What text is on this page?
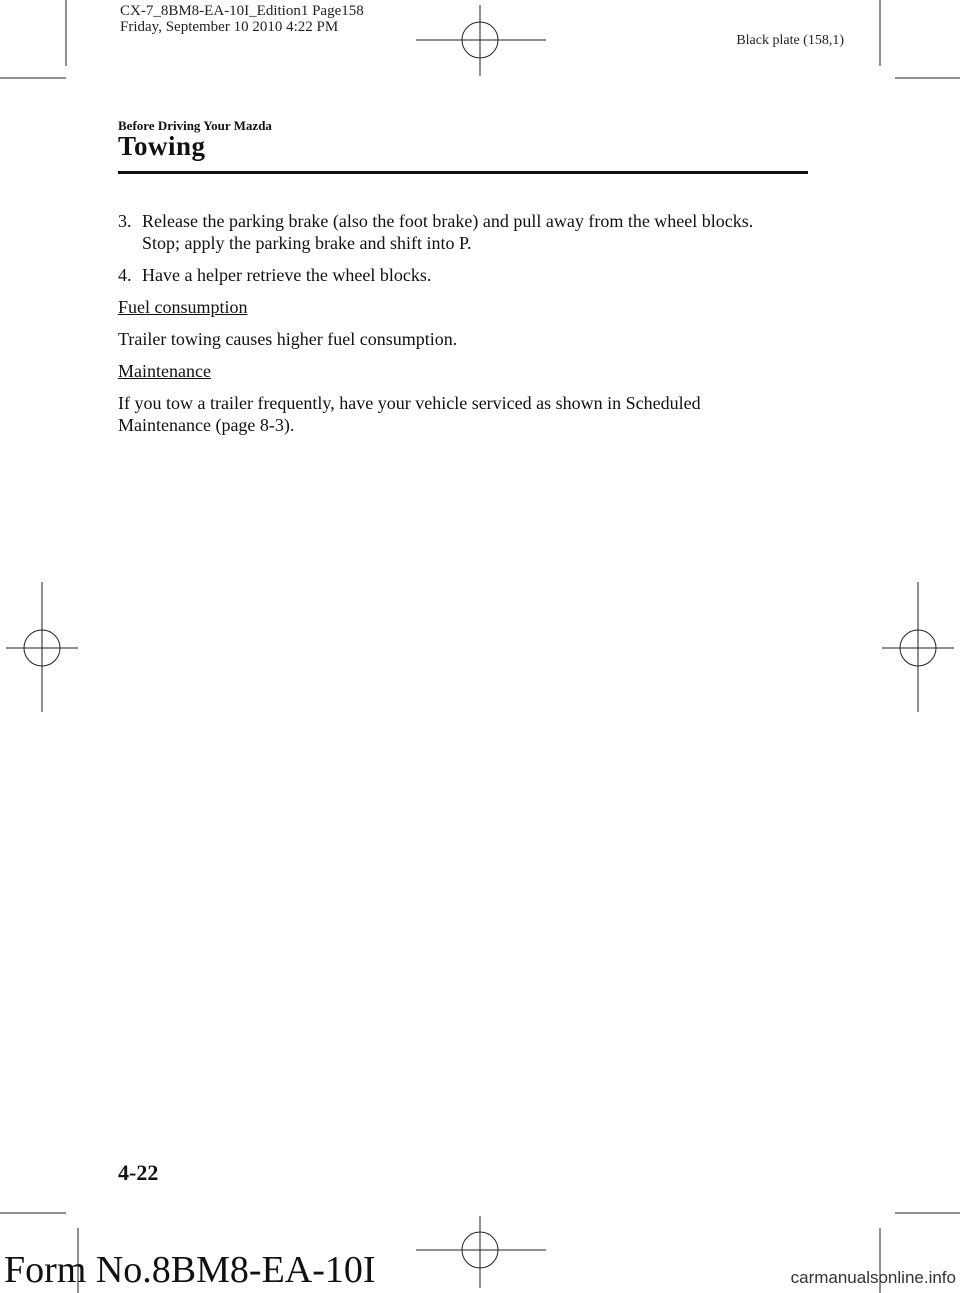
CX-7_8BM8-EA-10I_Edition1 Page158
Friday, September 10 2010 4:22 PM
Black plate (158,1)
Before Driving Your Mazda
Towing
3. Release the parking brake (also the foot brake) and pull away from the wheel blocks.
Stop; apply the parking brake and shift into P.
4. Have a helper retrieve the wheel blocks.

Fuel consumption

Trailer towing causes higher fuel consumption.

Maintenance

If you tow a trailer frequently, have your vehicle serviced as shown in Scheduled Maintenance (page 8-3).

4-22
Form No.8BM8-EA-10I	carmanualsonline.info
